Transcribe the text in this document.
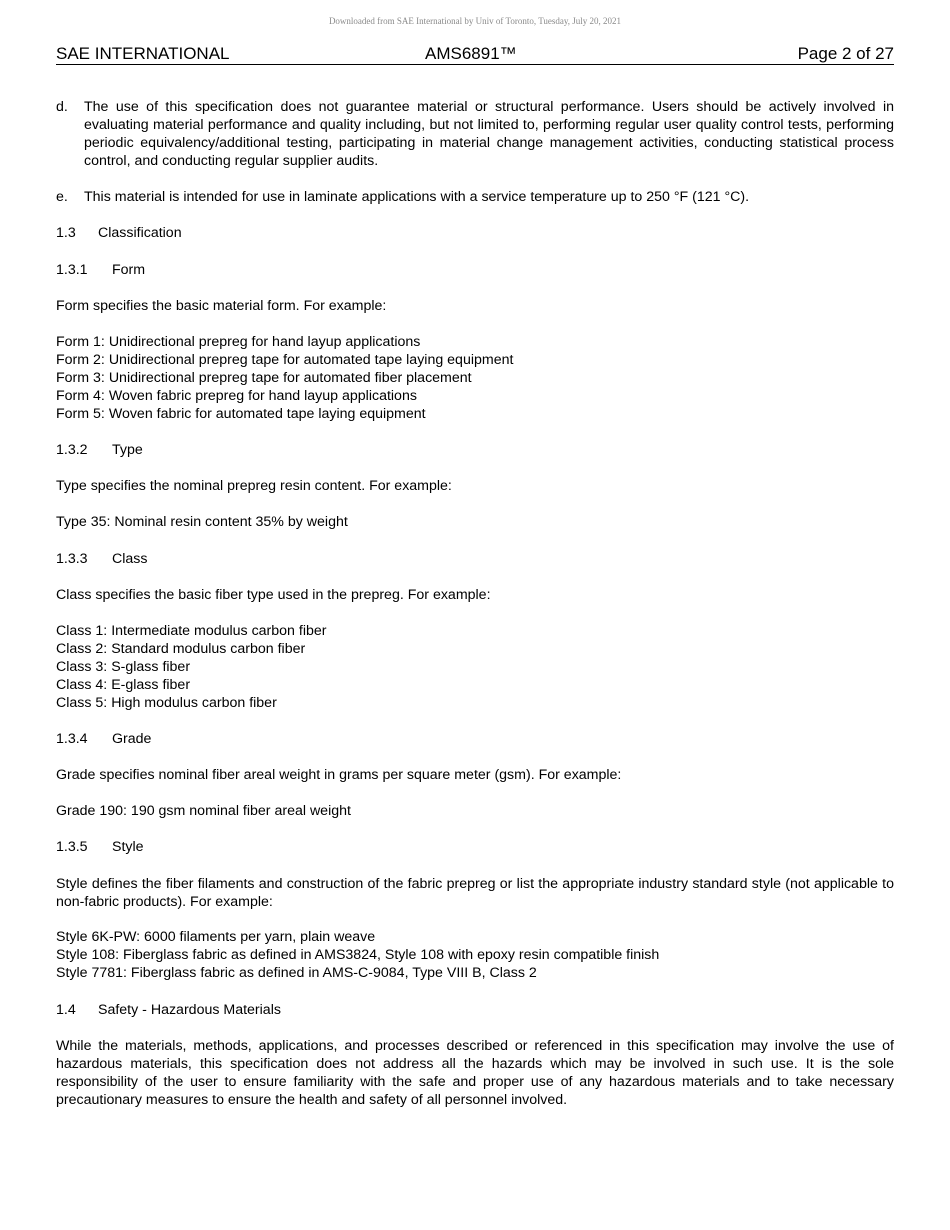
Downloaded from SAE International by Univ of Toronto, Tuesday, July 20, 2021
SAE INTERNATIONAL	AMS6891™	Page 2 of 27
d. The use of this specification does not guarantee material or structural performance. Users should be actively involved in evaluating material performance and quality including, but not limited to, performing regular user quality control tests, performing periodic equivalency/additional testing, participating in material change management activities, conducting statistical process control, and conducting regular supplier audits.
e. This material is intended for use in laminate applications with a service temperature up to 250 °F (121 °C).
1.3 Classification
1.3.1 Form
Form specifies the basic material form. For example:
Form 1: Unidirectional prepreg for hand layup applications
Form 2: Unidirectional prepreg tape for automated tape laying equipment
Form 3: Unidirectional prepreg tape for automated fiber placement
Form 4: Woven fabric prepreg for hand layup applications
Form 5: Woven fabric for automated tape laying equipment
1.3.2 Type
Type specifies the nominal prepreg resin content. For example:
Type 35: Nominal resin content 35% by weight
1.3.3 Class
Class specifies the basic fiber type used in the prepreg. For example:
Class 1: Intermediate modulus carbon fiber
Class 2: Standard modulus carbon fiber
Class 3: S-glass fiber
Class 4: E-glass fiber
Class 5: High modulus carbon fiber
1.3.4 Grade
Grade specifies nominal fiber areal weight in grams per square meter (gsm). For example:
Grade 190: 190 gsm nominal fiber areal weight
1.3.5 Style
Style defines the fiber filaments and construction of the fabric prepreg or list the appropriate industry standard style (not applicable to non-fabric products). For example:
Style 6K-PW: 6000 filaments per yarn, plain weave
Style 108: Fiberglass fabric as defined in AMS3824, Style 108 with epoxy resin compatible finish
Style 7781: Fiberglass fabric as defined in AMS-C-9084, Type VIII B, Class 2
1.4 Safety - Hazardous Materials
While the materials, methods, applications, and processes described or referenced in this specification may involve the use of hazardous materials, this specification does not address all the hazards which may be involved in such use. It is the sole responsibility of the user to ensure familiarity with the safe and proper use of any hazardous materials and to take necessary precautionary measures to ensure the health and safety of all personnel involved.
